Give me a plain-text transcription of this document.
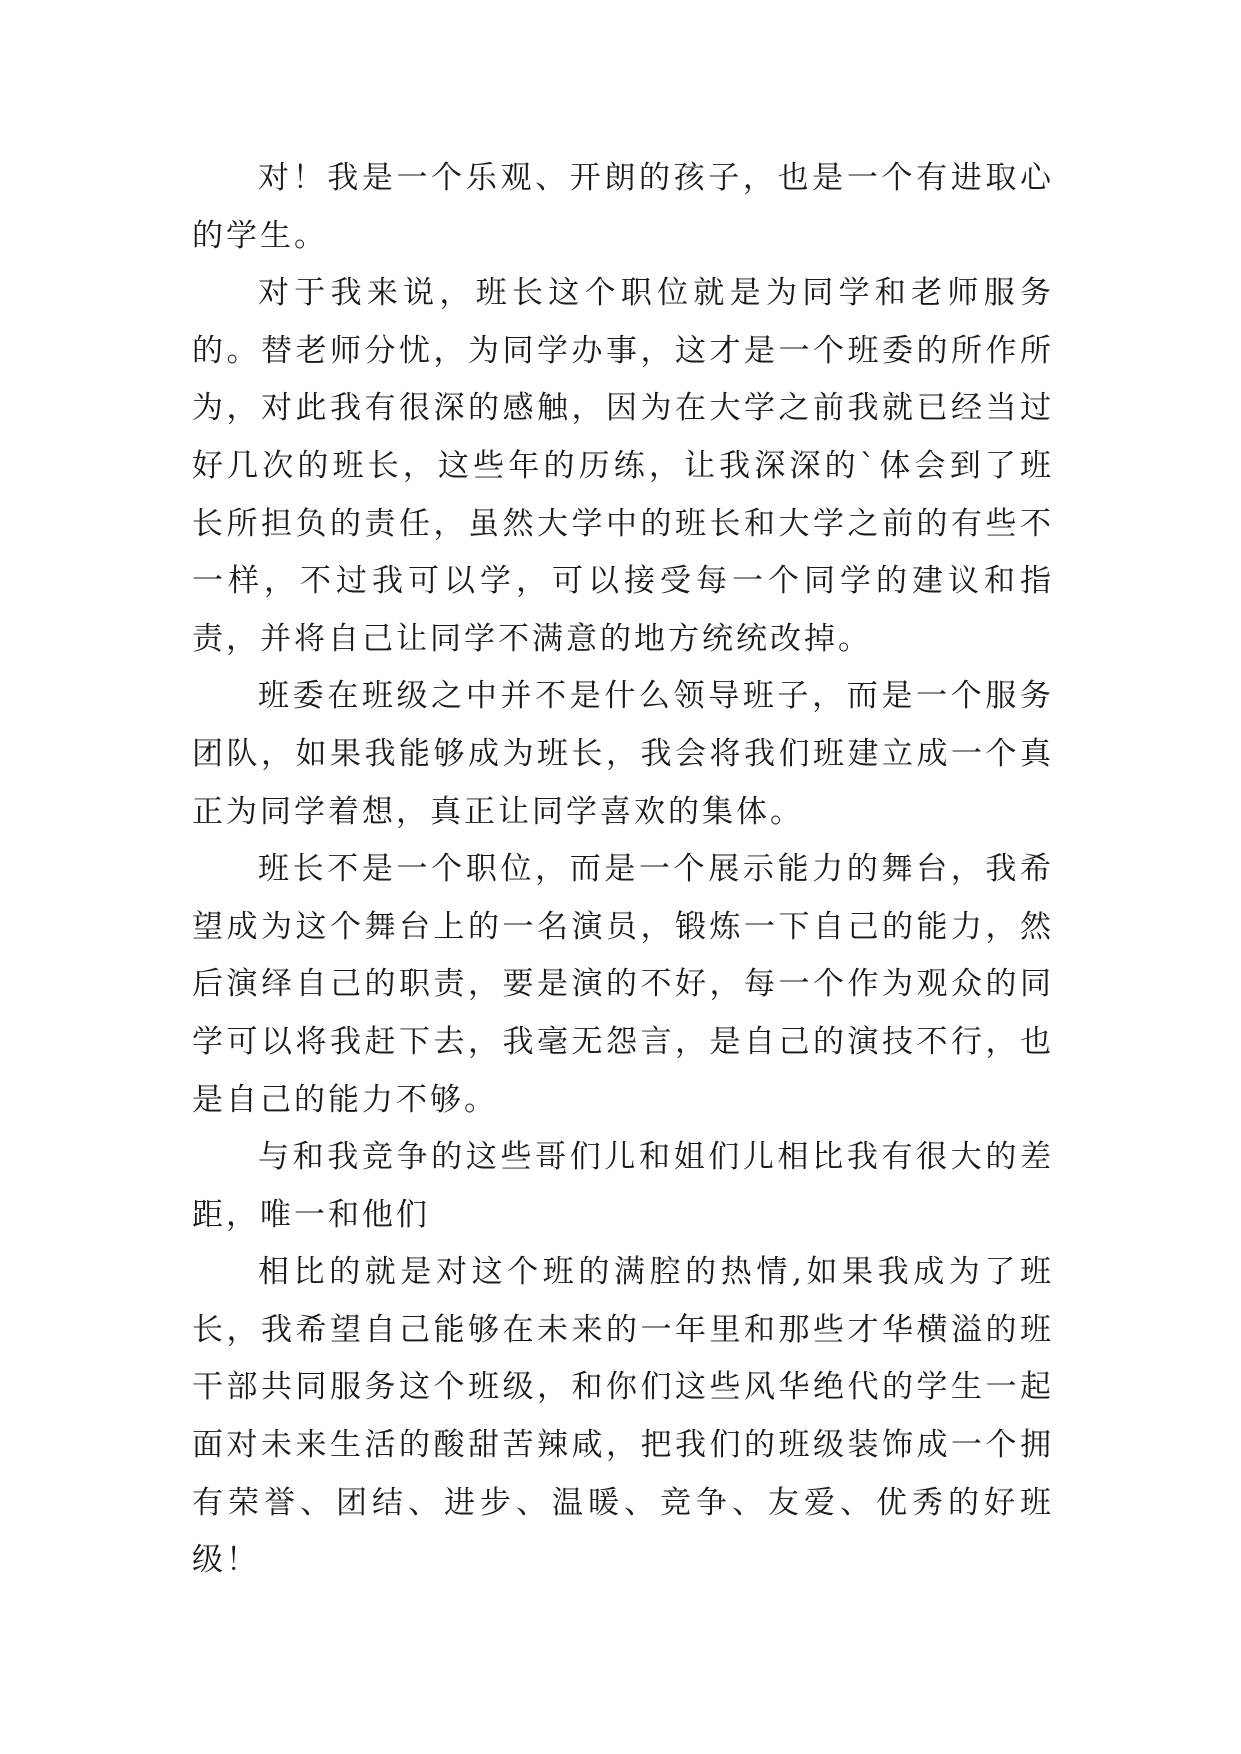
对！我是一个乐观、开朗的孩子，也是一个有进取心的学生。

对于我来说，班长这个职位就是为同学和老师服务的。替老师分忧，为同学办事，这才是一个班委的所作所为，对此我有很深的感触，因为在大学之前我就已经当过好几次的班长，这些年的历练，让我深深的`体会到了班长所担负的责任，虽然大学中的班长和大学之前的有些不一样，不过我可以学，可以接受每一个同学的建议和指责，并将自己让同学不满意的地方统统改掉。

班委在班级之中并不是什么领导班子，而是一个服务团队，如果我能够成为班长，我会将我们班建立成一个真正为同学着想，真正让同学喜欢的集体。

班长不是一个职位，而是一个展示能力的舞台，我希望成为这个舞台上的一名演员，锻炼一下自己的能力，然后演绎自己的职责，要是演的不好，每一个作为观众的同学可以将我赶下去，我毫无怨言，是自己的演技不行，也是自己的能力不够。

与和我竞争的这些哥们儿和姐们儿相比我有很大的差距，唯一和他们

相比的就是对这个班的满腔的热情,如果我成为了班长，我希望自己能够在未来的一年里和那些才华横溢的班干部共同服务这个班级，和你们这些风华绝代的学生一起面对未来生活的酸甜苦辣咸，把我们的班级装饰成一个拥有荣誉、团结、进步、温暖、竞争、友爱、优秀的好班级！
